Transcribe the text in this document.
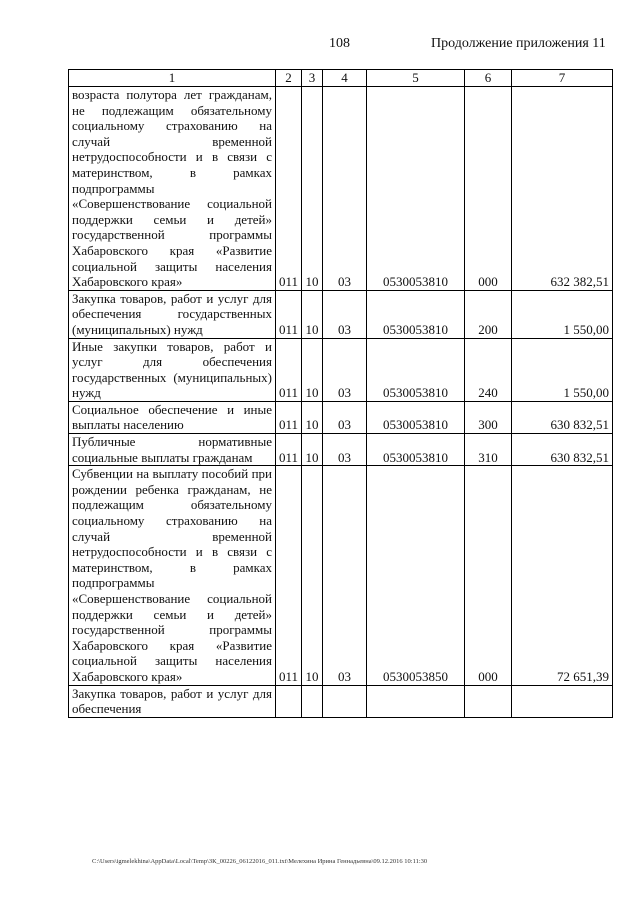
108	Продолжение приложения 11
1	2	3	4	5	6	7
возраста полутора лет гражданам, не подлежащим обязательному социальному страхованию на случай временной нетрудоспособности и в связи с материнством, в рамках подпрограммы «Совершенствование социальной поддержки семьи и детей» государственной программы Хабаровского края «Развитие социальной защиты населения Хабаровского края»	011	10	03	0530053810	000	632 382,51
Закупка товаров, работ и услуг для обеспечения государственных (муниципальных) нужд	011	10	03	0530053810	200	1 550,00
Иные закупки товаров, работ и услуг для обеспечения государственных (муниципальных) нужд	011	10	03	0530053810	240	1 550,00
Социальное обеспечение и иные выплаты населению	011	10	03	0530053810	300	630 832,51
Публичные нормативные социальные выплаты гражданам	011	10	03	0530053810	310	630 832,51
Субвенции на выплату пособий при рождении ребенка гражданам, не подлежащим обязательному социальному страхованию на случай временной нетрудоспособности и в связи с материнством, в рамках подпрограммы «Совершенствование социальной поддержки семьи и детей» государственной программы Хабаровского края «Развитие социальной защиты населения Хабаровского края»	011	10	03	0530053850	000	72 651,39
Закупка товаров, работ и услуг для обеспечения						
C:\Users\igmelekhina\AppData\Local\Temp\ЗК_00226_06122016_011.txt\Мелехина Ирина Геннадьевна\09.12.2016 10:11:30
